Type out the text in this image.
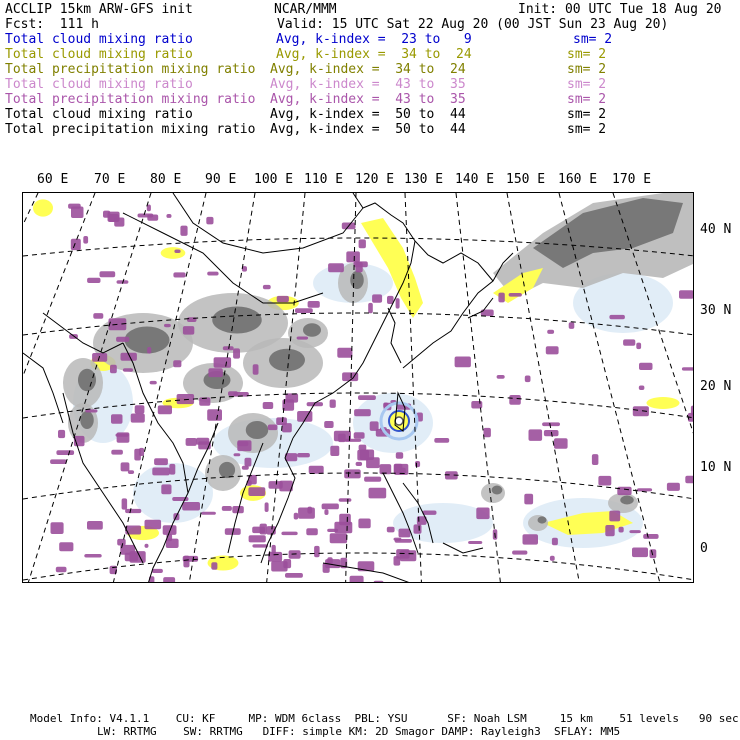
ACCLIP 15km ARW-GFS init	NCAR/MMM	Init: 00 UTC Tue 18 Aug 20
Fcst:  111 h	Valid: 15 UTC Sat 22 Aug 20 (00 JST Sun 23 Aug 20)
Total cloud mixing ratio	Avg, k-index =  23 to   9	sm= 2
Total cloud mixing ratio	Avg, k-index =  34 to  24	sm= 2
Total precipitation mixing ratio Avg, k-index =  34 to  24	sm= 2
Total cloud mixing ratio	Avg, k-index =  43 to  35	sm= 2
Total precipitation mixing ratio Avg, k-index =  43 to  35	sm= 2
Total cloud mixing ratio	Avg, k-index =  50 to  44	sm= 2
Total precipitation mixing ratio Avg, k-index =  50 to  44	sm= 2
60 E 70 E 80 E 90 E 100 E 110 E 120 E 130 E 140 E 150 E 160 E 170 E
40 N
30 N
20 N
10 N
0
Model Info: V4.1.1    CU: KF     MP: WDM 6class  PBL: YSU      SF: Noah LSM     15 km    51 levels   90 sec
LW: RRTMG    SW: RRTMG   DIFF: simple KM: 2D Smagor DAMP: Rayleigh3  SFLAY: MM5
